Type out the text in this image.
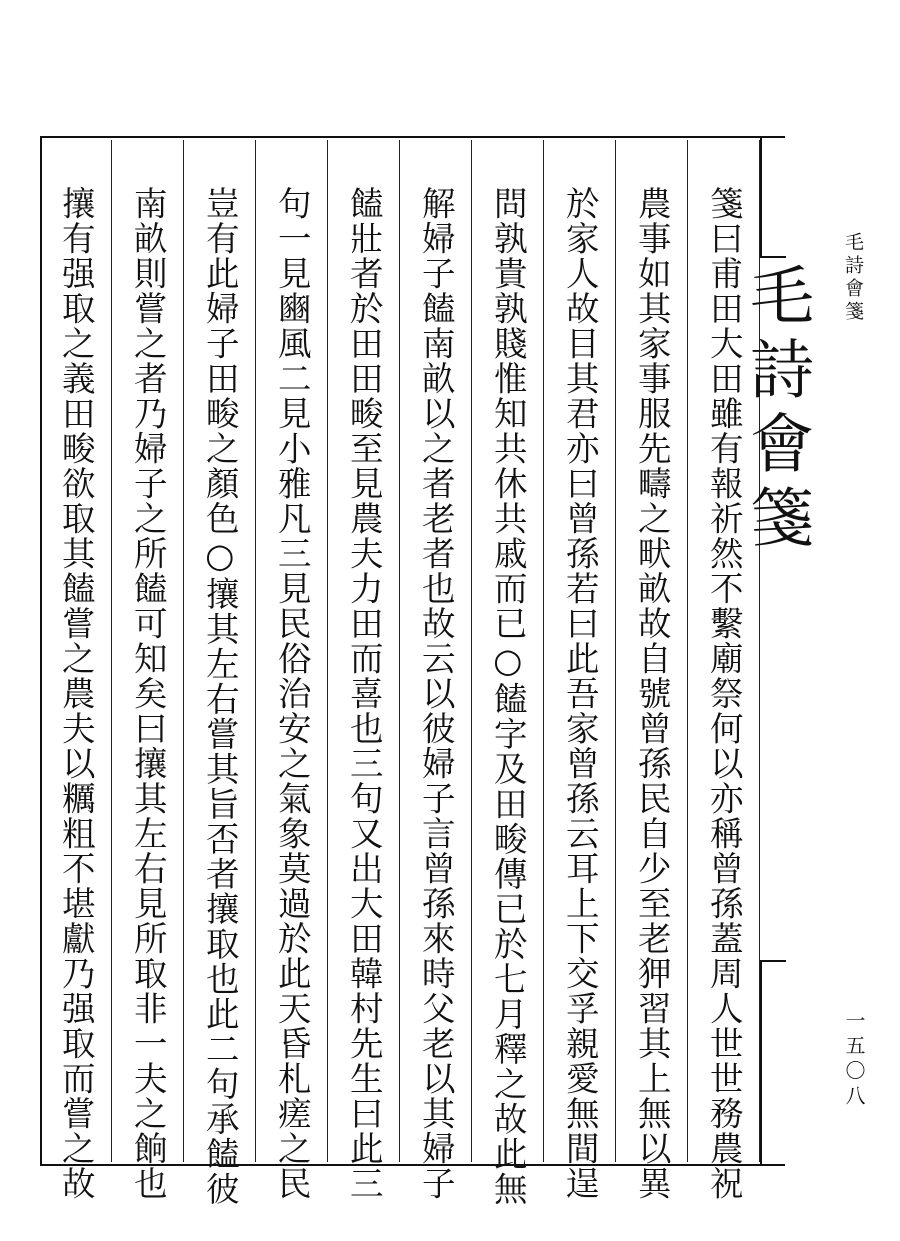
箋曰甫田大田雖有報祈然不繫廟祭何以亦稱曾孫蓋周人世世務農祝
農事如其家事服先疇之畎畝故自號曾孫民自少至老狎習其上無以異
於家人故目其君亦曰曾孫若曰此吾家曾孫云耳上下交孚親愛無間逞
問孰貴孰賤惟知共休共戚而已○饁字及田畯傳已於七月釋之故此無
解婦子饁南畝以之者老者也故云以彼婦子言曾孫來時父老以其婦子
饁壯者於田田畯至見農夫力田而喜也三句又出大田韓村先生曰此三
句一見豳風二見小雅凡三見民俗治安之氣象莫過於此天昏札瘥之民
豈有此婦子田畯之顏色○攘其左右嘗其旨否者攘取也此二句承饁彼
南畝則嘗之者乃婦子之所饁可知矣曰攘其左右見所取非一夫之餉也
攘有强取之義田畯欲取其饁嘗之農夫以糲粗不堪獻乃强取而嘗之故	毛詩會箋	毛詩會箋
一五〇八
